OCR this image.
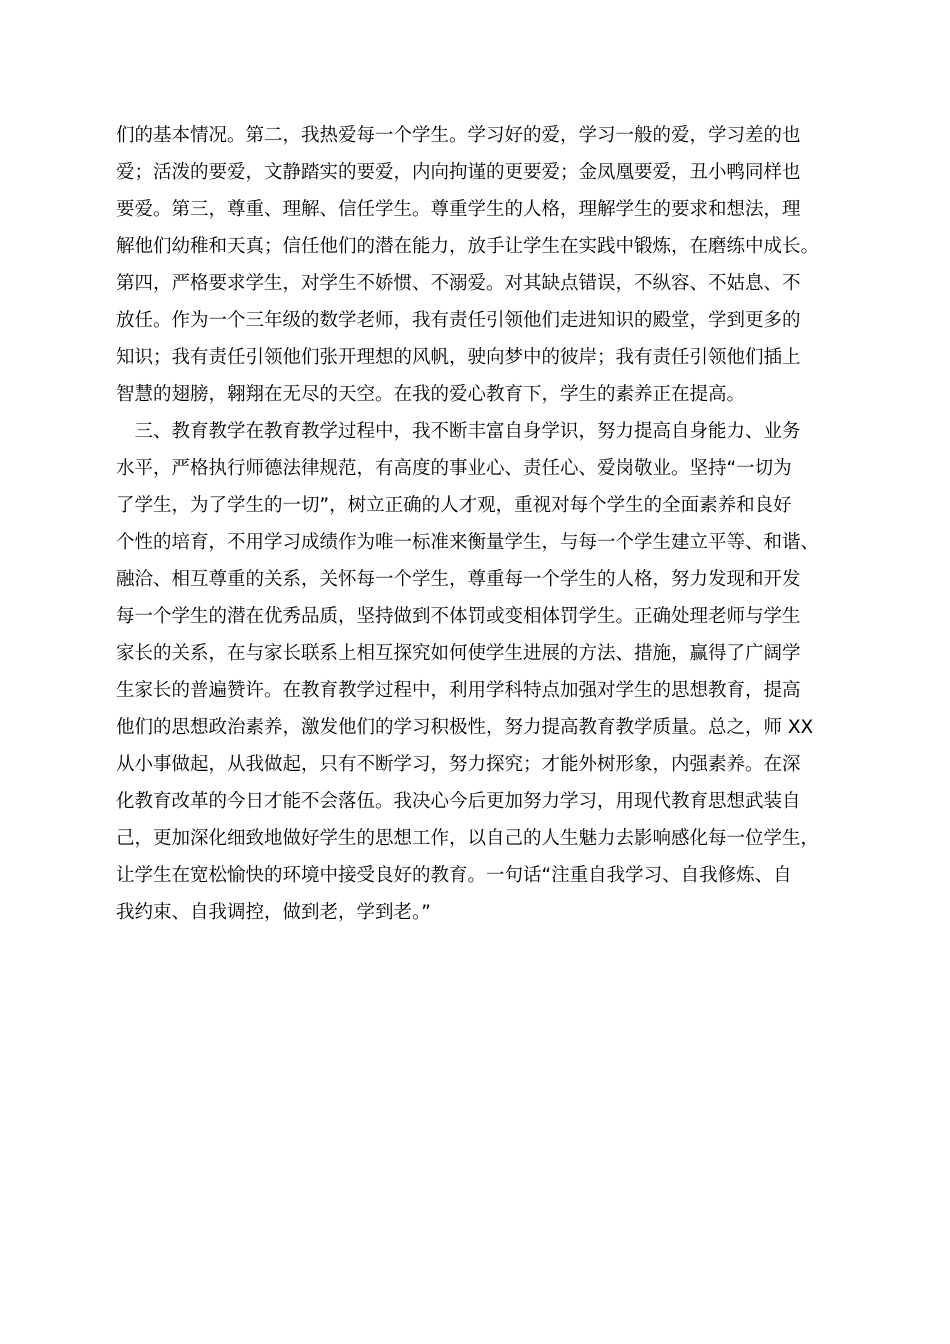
们的基本情况。第二，我热爱每一个学生。学习好的爱，学习一般的爱，学习差的也
爱；活泼的要爱，文静踏实的要爱，内向拘谨的更要爱；金凤凰要爱，丑小鸭同样也
要爱。第三，尊重、理解、信任学生。尊重学生的人格，理解学生的要求和想法，理
解他们幼稚和天真；信任他们的潜在能力，放手让学生在实践中锻炼，在磨练中成长。
第四，严格要求学生，对学生不娇惯、不溺爱。对其缺点错误，不纵容、不姑息、不
放任。作为一个三年级的数学老师，我有责任引领他们走进知识的殿堂，学到更多的
知识；我有责任引领他们张开理想的风帆，驶向梦中的彼岸；我有责任引领他们插上
智慧的翅膀，翱翔在无尽的天空。在我的爱心教育下，学生的素养正在提高。
　三、教育教学在教育教学过程中，我不断丰富自身学识，努力提高自身能力、业务
水平，严格执行师德法律规范，有高度的事业心、责任心、爱岗敬业。坚持“一切为
了学生，为了学生的一切”，树立正确的人才观，重视对每个学生的全面素养和良好
个性的培育，不用学习成绩作为唯一标准来衡量学生，与每一个学生建立平等、和谐、
融洽、相互尊重的关系，关怀每一个学生，尊重每一个学生的人格，努力发现和开发
每一个学生的潜在优秀品质，坚持做到不体罚或变相体罚学生。正确处理老师与学生
家长的关系，在与家长联系上相互探究如何使学生进展的方法、措施，赢得了广阔学
生家长的普遍赞许。在教育教学过程中，利用学科特点加强对学生的思想教育，提高
他们的思想政治素养，激发他们的学习积极性，努力提高教育教学质量。总之，师 XX
从小事做起，从我做起，只有不断学习，努力探究；才能外树形象，内强素养。在深
化教育改革的今日才能不会落伍。我决心今后更加努力学习，用现代教育思想武装自
己，更加深化细致地做好学生的思想工作，以自己的人生魅力去影响感化每一位学生，
让学生在宽松愉快的环境中接受良好的教育。一句话“注重自我学习、自我修炼、自
我约束、自我调控，做到老，学到老。”
